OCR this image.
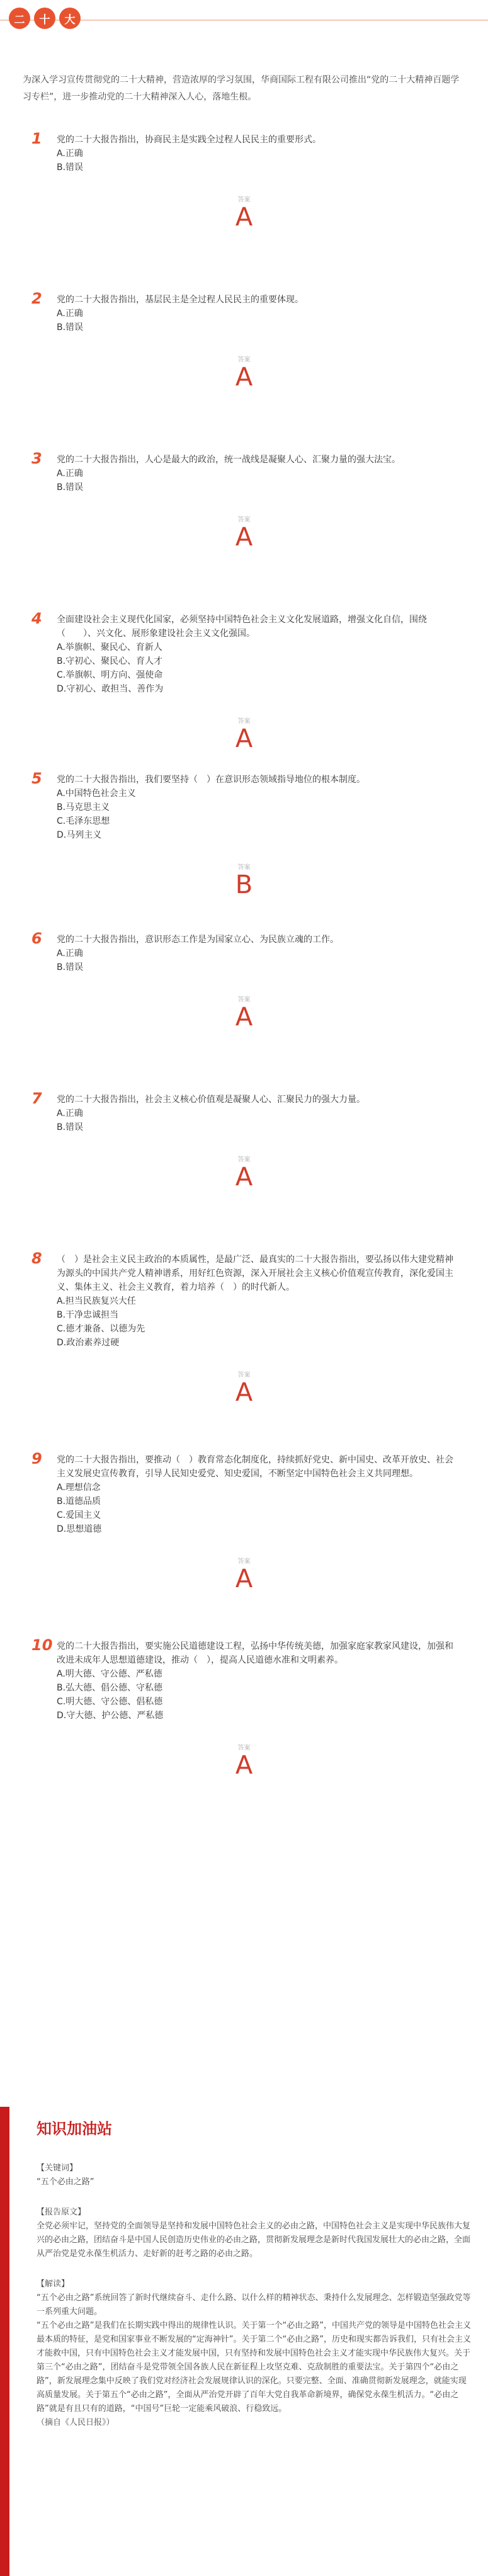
二	十	大

为深入学习宣传贯彻党的二十大精神，营造浓厚的学习氛围，华商国际工程有限公司推出“党的二十大精神百题学习专栏”，进一步推动党的二十大精神深入人心，落地生根。

1	党的二十大报告指出，协商民主是实践全过程人民民主的重要形式。
A.正确
B.错误
答案
A
2	党的二十大报告指出，基层民主是全过程人民民主的重要体现。
A.正确
B.错误
答案
A
3	党的二十大报告指出，人心是最大的政治，统一战线是凝聚人心、汇聚力量的强大法宝。
A.正确
B.错误
答案
A
4	全面建设社会主义现代化国家，必须坚持中国特色社会主义文化发展道路，增强文化自信，围绕（　　）、兴文化、展形象建设社会主义文化强国。
A.举旗帜、聚民心、育新人
B.守初心、聚民心、育人才
C.举旗帜、明方向、强使命
D.守初心、敢担当、善作为
答案
A
5	党的二十大报告指出，我们要坚持（　）在意识形态领域指导地位的根本制度。
A.中国特色社会主义
B.马克思主义
C.毛泽东思想
D.马列主义
答案
B
6	党的二十大报告指出，意识形态工作是为国家立心、为民族立魂的工作。
A.正确
B.错误
答案
A
7	党的二十大报告指出，社会主义核心价值观是凝聚人心、汇聚民力的强大力量。
A.正确
B.错误
答案
A
8	（　）是社会主义民主政治的本质属性，是最广泛、最真实的二十大报告指出，要弘扬以伟大建党精神为源头的中国共产党人精神谱系，用好红色资源，深入开展社会主义核心价值观宣传教育，深化爱国主义、集体主义、社会主义教育，着力培养（　）的时代新人。
A.担当民族复兴大任
B.干净忠诚担当
C.德才兼备、以德为先
D.政治素养过硬
答案
A
9	党的二十大报告指出，要推动（　）教育常态化制度化，持续抓好党史、新中国史、改革开放史、社会主义发展史宣传教育，引导人民知史爱党、知史爱国，不断坚定中国特色社会主义共同理想。
A.理想信念
B.道德品质
C.爱国主义
D.思想道德
答案
A
10 党的二十大报告指出，要实施公民道德建设工程，弘扬中华传统美德，加强家庭家教家风建设，加强和改进未成年人思想道德建设，推动（　），提高人民道德水准和文明素养。
A.明大德、守公德、严私德
B.弘大德、倡公德、守私德
C.明大德、守公德、倡私德
D.守大德、护公德、严私德
答案
A
知识加油站
【关键词】
“五个必由之路”
【报告原文】
全党必须牢记，坚持党的全面领导是坚持和发展中国特色社会主义的必由之路，中国特色社会主义是实现中华民族伟大复兴的必由之路，团结奋斗是中国人民创造历史伟业的必由之路，贯彻新发展理念是新时代我国发展壮大的必由之路，全面从严治党是党永葆生机活力、走好新的赶考之路的必由之路。
【解读】
“五个必由之路”系统回答了新时代继续奋斗、走什么路、以什么样的精神状态、秉持什么发展理念、怎样锻造坚强政党等一系列重大问题。
“五个必由之路”是我们在长期实践中得出的规律性认识。关于第一个“必由之路”，中国共产党的领导是中国特色社会主义最本质的特征，是党和国家事业不断发展的“定海神针”。关于第二个“必由之路”，历史和现实都告诉我们，只有社会主义才能救中国，只有中国特色社会主义才能发展中国，只有坚持和发展中国特色社会主义才能实现中华民族伟大复兴。关于第三个“必由之路”，团结奋斗是党带领全国各族人民在新征程上攻坚克难、克敌制胜的重要法宝。关于第四个“必由之路”，新发展理念集中反映了我们党对经济社会发展规律认识的深化。只要完整、全面、准确贯彻新发展理念，就能实现高质量发展。关于第五个“必由之路”，全面从严治党开辟了百年大党自我革命新境界，确保党永葆生机活力。“必由之路”就是有且只有的道路，“中国号”巨轮一定能乘风破浪、行稳致远。
（摘自《人民日报》）
